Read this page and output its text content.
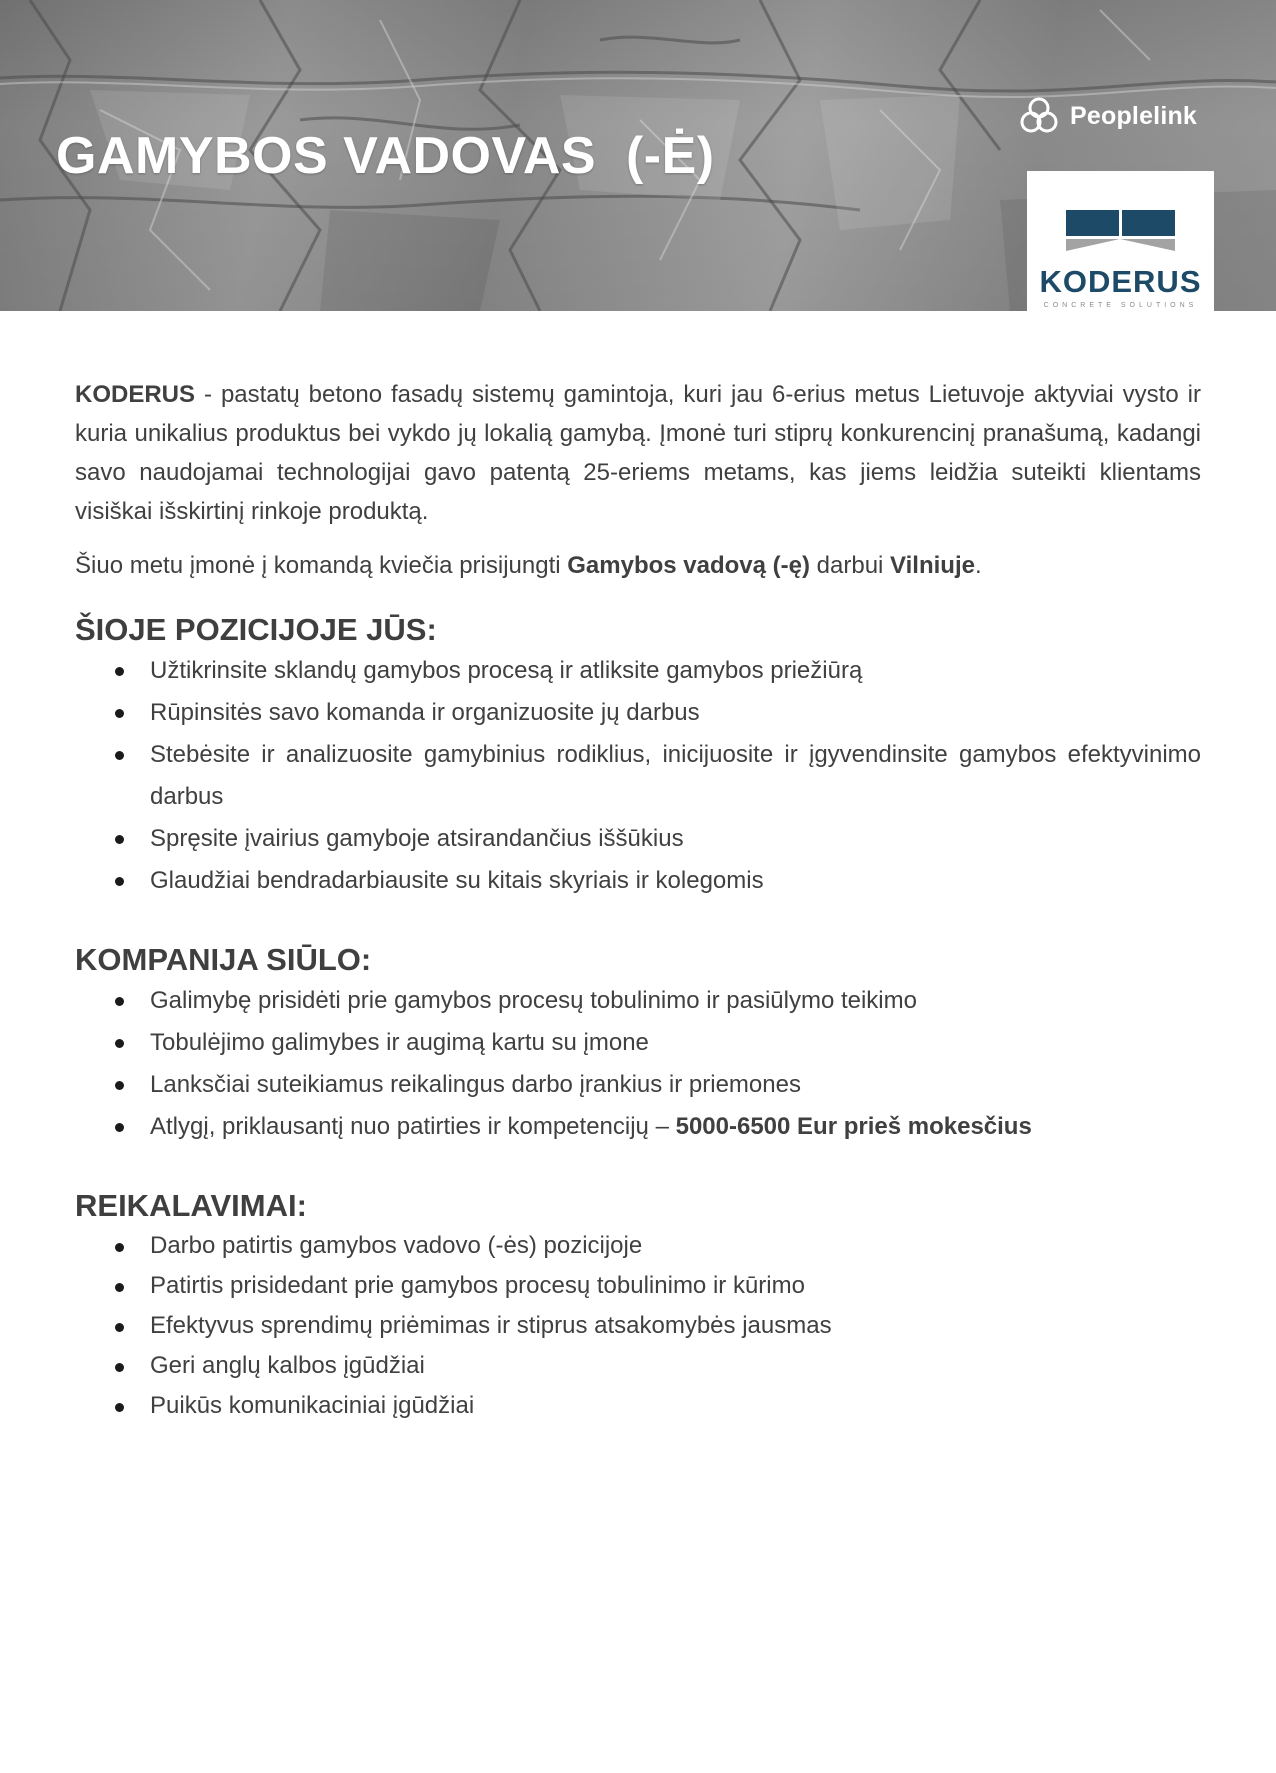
GAMYBOS VADOVAS  (-Ė)
Peoplelink
KODERUS
CONCRETE SOLUTIONS

KODERUS - pastatų betono fasadų sistemų gamintoja, kuri jau 6-erius metus Lietuvoje aktyviai vysto ir kuria unikalius produktus bei vykdo jų lokalią gamybą. Įmonė turi stiprų konkurencinį pranašumą, kadangi savo naudojamai technologijai gavo patentą 25-eriems metams, kas jiems leidžia suteikti klientams visiškai išskirtinį rinkoje produktą.

Šiuo metu įmonė į komandą kviečia prisijungti Gamybos vadovą (-ę) darbui Vilniuje.

ŠIOJE POZICIJOJE JŪS:
Užtikrinsite sklandų gamybos procesą ir atliksite gamybos priežiūrą
Rūpinsitės savo komanda ir organizuosite jų darbus
Stebėsite ir analizuosite gamybinius rodiklius, inicijuosite ir įgyvendinsite gamybos efektyvinimo darbus
Spręsite įvairius gamyboje atsirandančius iššūkius
Glaudžiai bendradarbiausite su kitais skyriais ir kolegomis
KOMPANIJA SIŪLO:
Galimybę prisidėti prie gamybos procesų tobulinimo ir pasiūlymo teikimo
Tobulėjimo galimybes ir augimą kartu su įmone
Lanksčiai suteikiamus reikalingus darbo įrankius ir priemones
Atlygį, priklausantį nuo patirties ir kompetencijų – 5000-6500 Eur prieš mokesčius
REIKALAVIMAI:
Darbo patirtis gamybos vadovo (-ės) pozicijoje
Patirtis prisidedant prie gamybos procesų tobulinimo ir kūrimo
Efektyvus sprendimų priėmimas ir stiprus atsakomybės jausmas
Geri anglų kalbos įgūdžiai
Puikūs komunikaciniai įgūdžiai
